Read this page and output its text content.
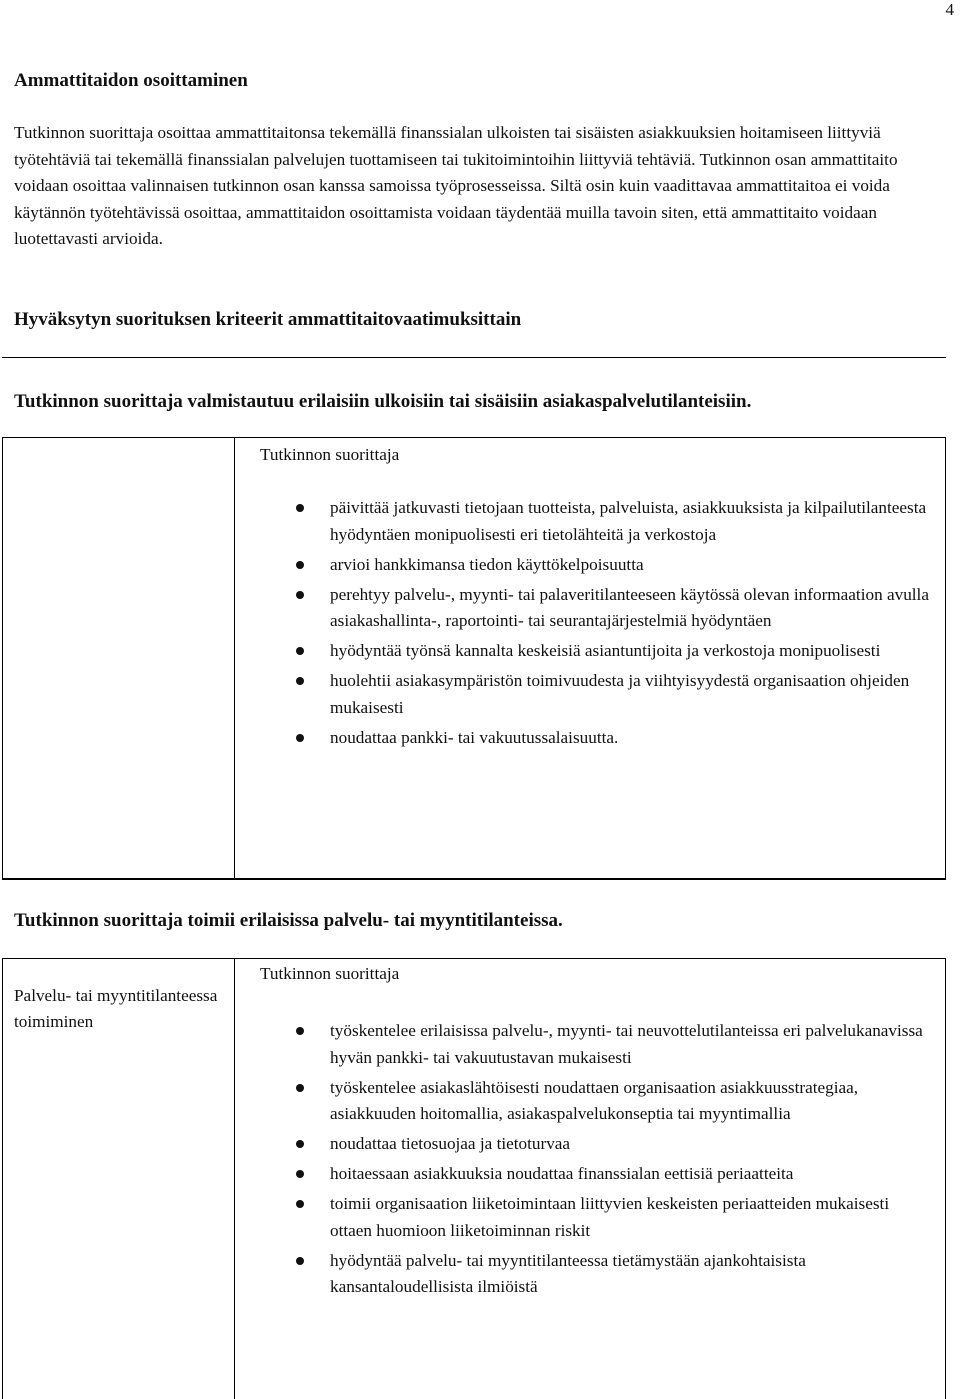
4
Ammattitaidon osoittaminen

Tutkinnon suorittaja osoittaa ammattitaitonsa tekemällä finanssialan ulkoisten tai sisäisten asiakkuuksien hoitamiseen liittyviä työtehtäviä tai tekemällä finanssialan palvelujen tuottamiseen tai tukitoimintoihin liittyviä tehtäviä. Tutkinnon osan ammattitaito voidaan osoittaa valinnaisen tutkinnon osan kanssa samoissa työprosesseissa. Siltä osin kuin vaadittavaa ammattitaitoa ei voida käytännön työtehtävissä osoittaa, ammattitaidon osoittamista voidaan täydentää muilla tavoin siten, että ammattitaito voidaan luotettavasti arvioida.

Hyväksytyn suorituksen kriteerit ammattitaitovaatimuksittain
Tutkinnon suorittaja valmistautuu erilaisiin ulkoisiin tai sisäisiin asiakaspalvelutilanteisiin.

Tutkinnon suorittaja

päivittää jatkuvasti tietojaan tuotteista, palveluista, asiakkuuksista ja kilpailutilanteesta hyödyntäen monipuolisesti eri tietolähteitä ja verkostoja
arvioi hankkimansa tiedon käyttökelpoisuutta
perehtyy palvelu-, myynti- tai palaveritilanteeseen käytössä olevan informaation avulla asiakashallinta-, raportointi- tai seurantajärjestelmiä hyödyntäen
hyödyntää työnsä kannalta keskeisiä asiantuntijoita ja verkostoja monipuolisesti
huolehtii asiakasympäristön toimivuudesta ja viihtyisyydestä organisaation ohjeiden mukaisesti
noudattaa pankki- tai vakuutussalaisuutta.
Tutkinnon suorittaja toimii erilaisissa palvelu- tai myyntitilanteissa.
Palvelu- tai myyntitilanteessa toimiminen

Tutkinnon suorittaja

työskentelee erilaisissa palvelu-, myynti- tai neuvottelutilanteissa eri palvelukanavissa hyvän pankki- tai vakuutustavan mukaisesti
työskentelee asiakaslähtöisesti noudattaen organisaation asiakkuusstrategiaa, asiakkuuden hoitomallia, asiakaspalvelukonseptia tai myyntimallia
noudattaa tietosuojaa ja tietoturvaa
hoitaessaan asiakkuuksia noudattaa finanssialan eettisiä periaatteita
toimii organisaation liiketoimintaan liittyvien keskeisten periaatteiden mukaisesti ottaen huomioon liiketoiminnan riskit
hyödyntää palvelu- tai myyntitilanteessa tietämystään ajankohtaisista kansantaloudellisista ilmiöistä
